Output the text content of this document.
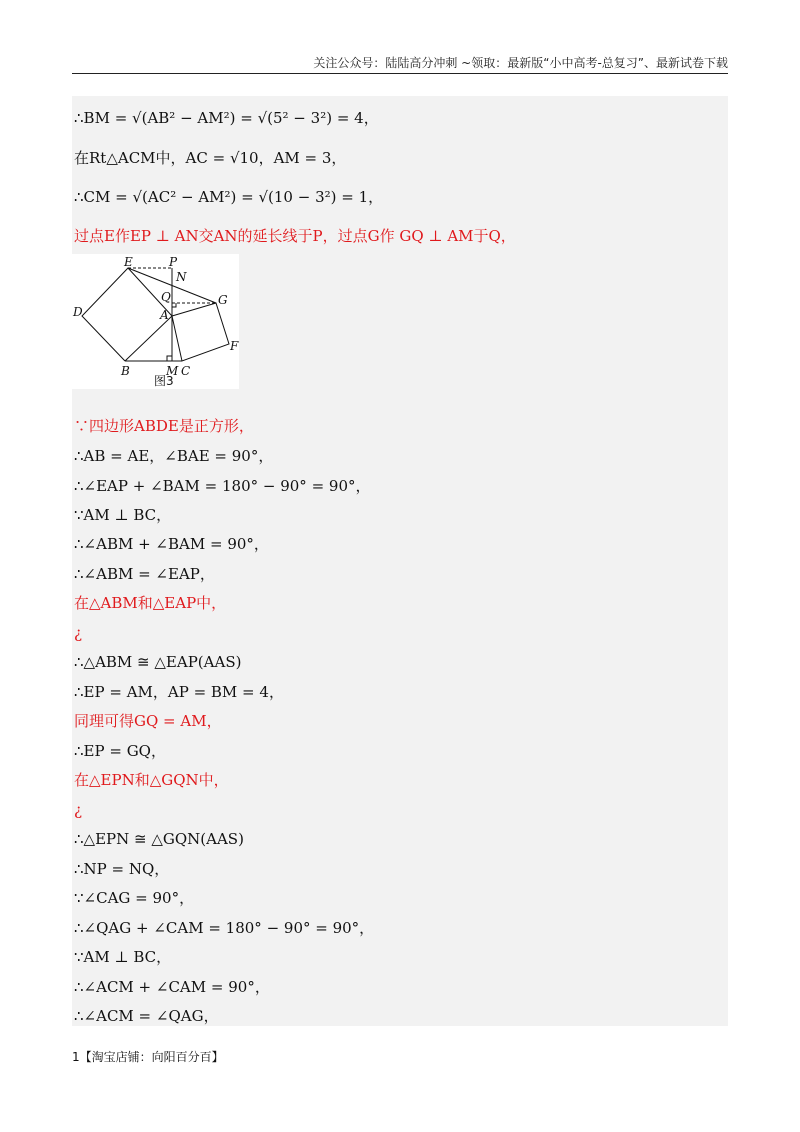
关注公众号：陆陆高分冲刺 ~领取：最新版“小中高考-总复习”、最新试卷下载
∴BM = √(AB² − AM²) = √(5² − 3²) = 4，
在Rt△ACM中，AC = √10，AM = 3，
∴CM = √(AC² − AM²) = √(10 − 3²) = 1，
过点E作EP ⊥ AN交AN的延长线于P，过点G作 GQ ⊥ AM于Q，
E	P
N
Q	G
D	A
F
B	M C
图3
∵四边形ABDE是正方形，
∴AB = AE，∠BAE = 90°，
∴∠EAP + ∠BAM = 180° − 90° = 90°，
∵AM ⊥ BC，
∴∠ABM + ∠BAM = 90°，
∴∠ABM = ∠EAP，
在△ABM和△EAP中，
¿
∴△ABM ≅ △EAP(AAS)
∴EP = AM，AP = BM = 4，
同理可得GQ = AM，
∴EP = GQ，
在△EPN和△GQN中，
¿
∴△EPN ≅ △GQN(AAS)
∴NP = NQ，
∵∠CAG = 90°，
∴∠QAG + ∠CAM = 180° − 90° = 90°，
∵AM ⊥ BC，
∴∠ACM + ∠CAM = 90°，
∴∠ACM = ∠QAG，
1【淘宝店铺：向阳百分百】
